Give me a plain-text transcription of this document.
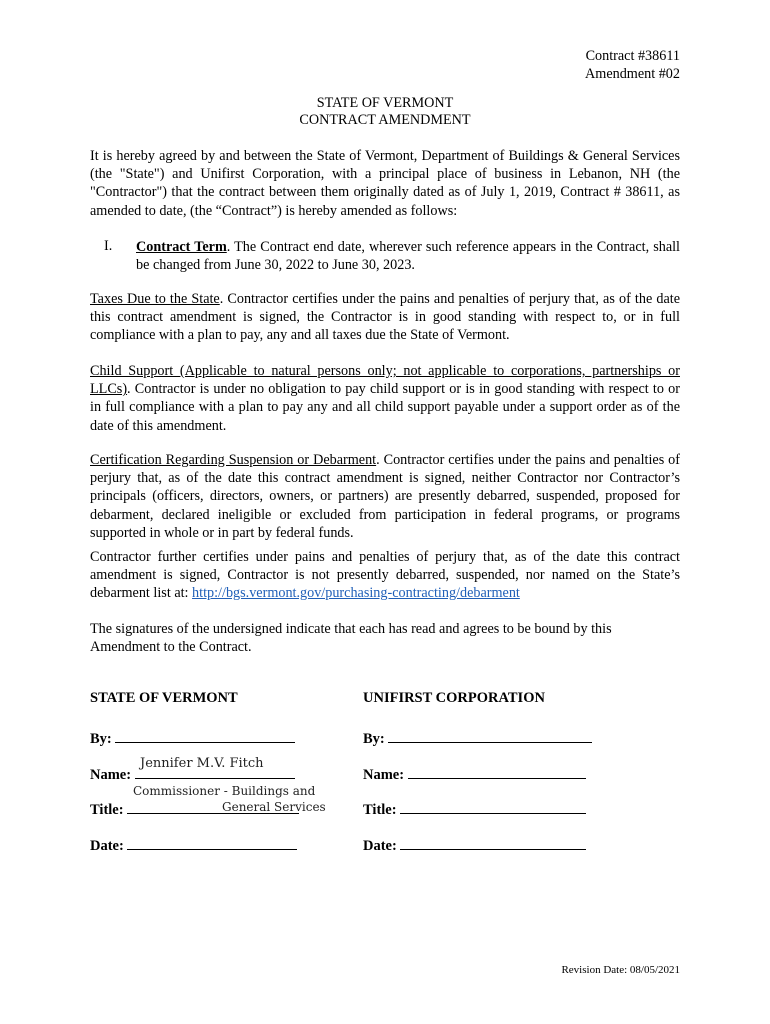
Contract #38611
Amendment #02
STATE OF VERMONT
CONTRACT AMENDMENT
It is hereby agreed by and between the State of Vermont, Department of Buildings & General Services (the "State") and Unifirst Corporation, with a principal place of business in Lebanon, NH (the "Contractor") that the contract between them originally dated as of July 1, 2019, Contract # 38611, as amended to date, (the “Contract”) is hereby amended as follows:
I. Contract Term. The Contract end date, wherever such reference appears in the Contract, shall be changed from June 30, 2022 to June 30, 2023.
Taxes Due to the State. Contractor certifies under the pains and penalties of perjury that, as of the date this contract amendment is signed, the Contractor is in good standing with respect to, or in full compliance with a plan to pay, any and all taxes due the State of Vermont.
Child Support (Applicable to natural persons only; not applicable to corporations, partnerships or LLCs). Contractor is under no obligation to pay child support or is in good standing with respect to or in full compliance with a plan to pay any and all child support payable under a support order as of the date of this amendment.
Certification Regarding Suspension or Debarment. Contractor certifies under the pains and penalties of perjury that, as of the date this contract amendment is signed, neither Contractor nor Contractor’s principals (officers, directors, owners, or partners) are presently debarred, suspended, proposed for debarment, declared ineligible or excluded from participation in federal programs, or programs supported in whole or in part by federal funds.
Contractor further certifies under pains and penalties of perjury that, as of the date this contract amendment is signed, Contractor is not presently debarred, suspended, nor named on the State’s debarment list at: http://bgs.vermont.gov/purchasing-contracting/debarment
The signatures of the undersigned indicate that each has read and agrees to be bound by this Amendment to the Contract.
STATE OF VERMONT	UNIFIRST CORPORATION
By:
Name:
Jennifer M.V. Fitch
Title:
Commissioner - Buildings and
General Services
Date:
By:
Name:
Title:
Date:
Revision Date: 08/05/2021
